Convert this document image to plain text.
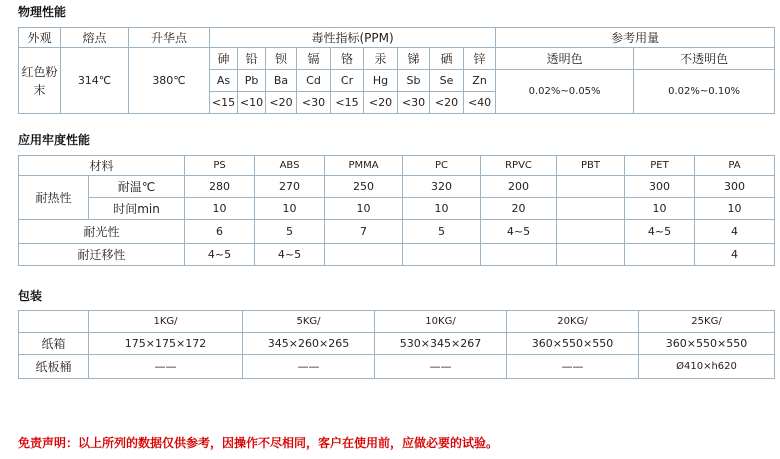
物理性能
外观	熔点	升华点	毒性指标(PPM)									参考用量	
红色粉末	314℃	380℃	砷	铅	钡	镉	铬	汞	锑	硒	锌	透明色	不透明色
			As	Pb	Ba	Cd	Cr	Hg	Sb	Se	Zn	0.02%~0.05%	0.02%~0.10%
			<15	<10	<20	<30	<15	<20	<30	<20	<40		
应用牢度性能
材料		PS	ABS	PMMA	PC	RPVC	PBT	PET	PA
耐热性	耐温℃	280	270	250	320	200		300	300
	时间min	10	10	10	10	20		10	10
耐光性		6	5	7	5	4~5		4~5	4
耐迁移性		4~5	4~5						4
包装
	1KG/	5KG/	10KG/	20KG/	25KG/
纸箱	175×175×172	345×260×265	530×345×267	360×550×550	360×550×550
纸板桶	——	——	——	——	Ø410×h620
免责声明：以上所列的数据仅供参考，因操作不尽相同，客户在使用前，应做必要的试验。
